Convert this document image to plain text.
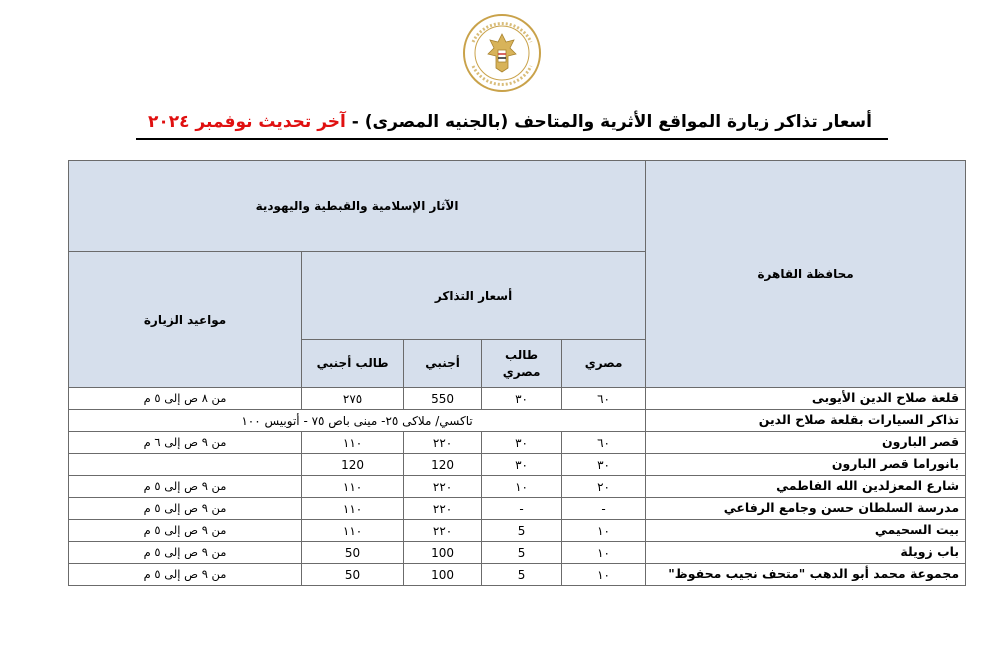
أسعار تذاكر زيارة المواقع الأثرية والمتاحف (بالجنيه المصرى) - آخر تحديث نوفمبر ٢٠٢٤
محافظة القاهرة	الآثار الإسلامية والقبطية واليهودية				
	أسعار التذاكر				مواعيد الزيارة
	مصري	طالب مصري	أجنبي	طالب أجنبي	
قلعة صلاح الدين الأيوبى	٦٠	٣٠	550	٢٧٥	من ٨ ص إلى ٥ م
تذاكر السيارات بقلعة صلاح الدين	تاكسي/ ملاكى ٢٥- مينى باص ٧٥ - أتوبيس ١٠٠				
قصر البارون	٦٠	٣٠	٢٢٠	١١٠	من ٩ ص إلى ٦ م
بانوراما قصر البارون	٣٠	٣٠	120	120	
شارع المعزلدين الله الفاطمي	٢٠	١٠	٢٢٠	١١٠	من ٩ ص إلى ٥ م
مدرسة السلطان حسن وجامع الرفاعي	-	-	٢٢٠	١١٠	من ٩ ص إلى ٥ م
بيت السحيمي	١٠	5	٢٢٠	١١٠	من ٩ ص إلى ٥ م
باب زويلة	١٠	5	100	50	من ٩ ص إلى ٥ م
مجموعة محمد أبو الدهب "متحف نجيب محفوظ"	١٠	5	100	50	من ٩ ص إلى ٥ م
